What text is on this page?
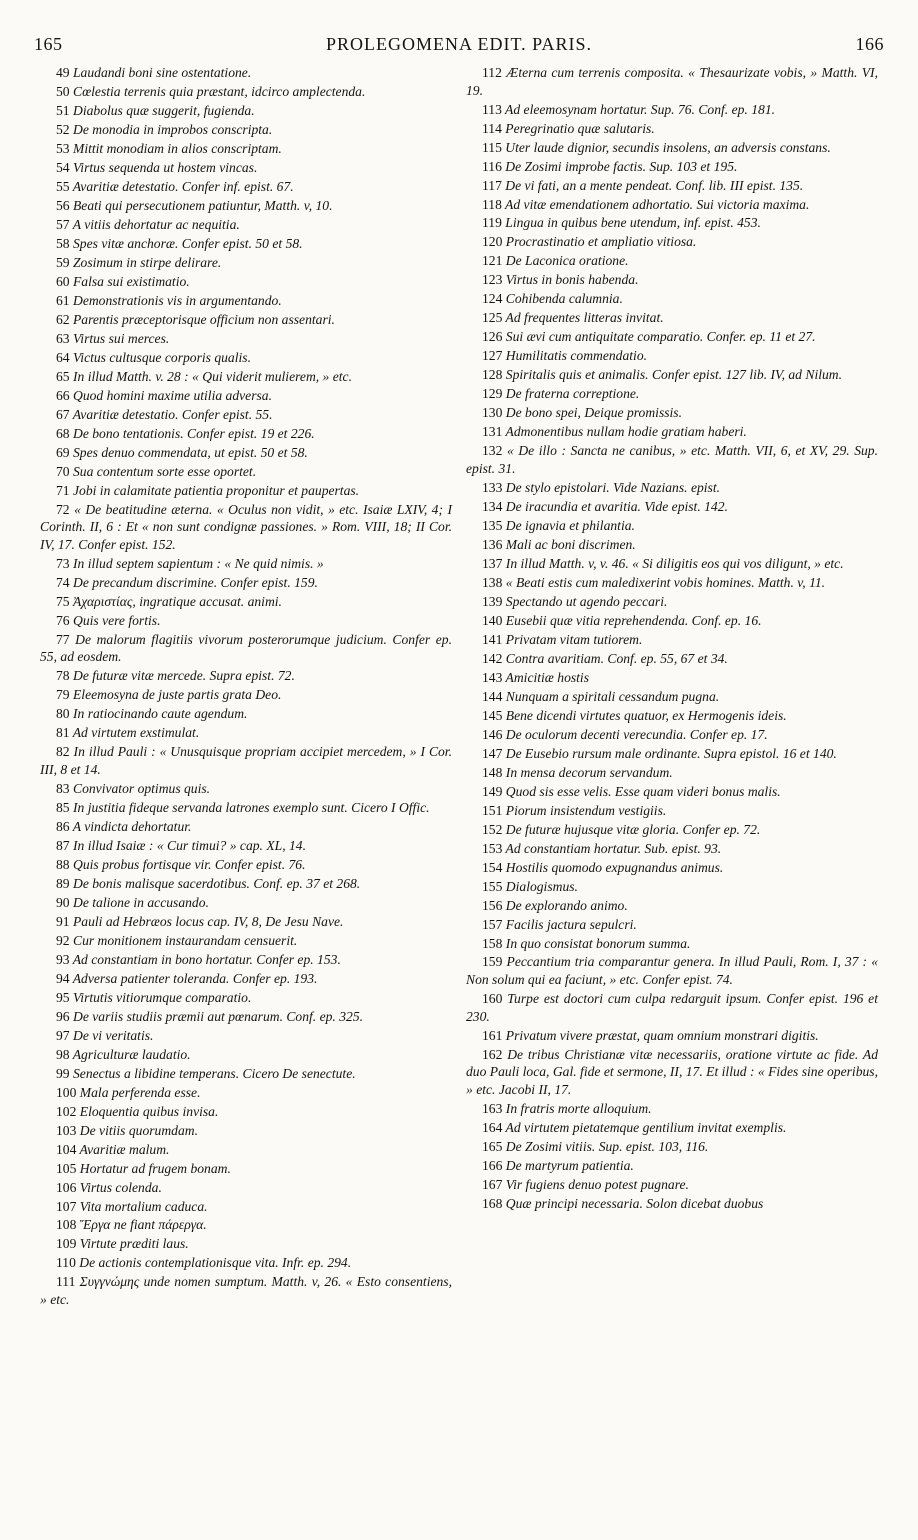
165	PROLEGOMENA EDIT. PARIS.	166

49 Laudandi boni sine ostentatione.

50 Cœlestia terrenis quia præstant, idcirco amplectenda.

51 Diabolus quæ suggerit, fugienda.

52 De monodia in improbos conscripta.

53 Mittit monodiam in alios conscriptam.

54 Virtus sequenda ut hostem vincas.

55 Avaritiæ detestatio. Confer inf. epist. 67.

56 Beati qui persecutionem patiuntur, Matth. v, 10.

57 A vitiis dehortatur ac nequitia.

58 Spes vitæ anchoræ. Confer epist. 50 et 58.

59 Zosimum in stirpe delirare.

60 Falsa sui existimatio.

61 Demonstrationis vis in argumentando.

62 Parentis præceptorisque officium non assentari.

63 Virtus sui merces.

64 Victus cultusque corporis qualis.

65 In illud Matth. v. 28 : « Qui viderit mulierem, » etc.

66 Quod homini maxime utilia adversa.

67 Avaritiæ detestatio. Confer epist. 55.

68 De bono tentationis. Confer epist. 19 et 226.

69 Spes denuo commendata, ut epist. 50 et 58.

70 Sua contentum sorte esse oportet.

71 Jobi in calamitate patientia proponitur et paupertas.

72 « De beatitudine æterna. « Oculus non vidit, » etc. Isaiæ LXIV, 4; I Corinth. II, 6 : Et « non sunt condignæ passiones. » Rom. VIII, 18; II Cor. IV, 17. Confer epist. 152.

73 In illud septem sapientum : « Ne quid nimis. »

74 De precandum discrimine. Confer epist. 159.

75 Ἀχαριστίας, ingratique accusat. animi.

76 Quis vere fortis.

77 De malorum flagitiis vivorum posterorumque judicium. Confer ep. 55, ad eosdem.

78 De futuræ vitæ mercede. Supra epist. 72.

79 Eleemosyna de juste partis grata Deo.

80 In ratiocinando caute agendum.

81 Ad virtutem exstimulat.

82 In illud Pauli : « Unusquisque propriam accipiet mercedem, » I Cor. III, 8 et 14.

83 Convivator optimus quis.

85 In justitia fideque servanda latrones exemplo sunt. Cicero I Offic.

86 A vindicta dehortatur.

87 In illud Isaiæ : « Cur timui? » cap. XL, 14.

88 Quis probus fortisque vir. Confer epist. 76.

89 De bonis malisque sacerdotibus. Conf. ep. 37 et 268.

90 De talione in accusando.

91 Pauli ad Hebræos locus cap. IV, 8, De Jesu Nave.

92 Cur monitionem instaurandam censuerit.

93 Ad constantiam in bono hortatur. Confer ep. 153.

94 Adversa patienter toleranda. Confer ep. 193.

95 Virtutis vitiorumque comparatio.

96 De variis studiis præmii aut pœnarum. Conf. ep. 325.

97 De vi veritatis.

98 Agriculturæ laudatio.

99 Senectus a libidine temperans. Cicero De senectute.

100 Mala perferenda esse.

102 Eloquentia quibus invisa.

103 De vitiis quorumdam.

104 Avaritiæ malum.

105 Hortatur ad frugem bonam.

106 Virtus colenda.

107 Vita mortalium caduca.

108 Ἔργα ne fiant πάρεργα.

109 Virtute præditi laus.

110 De actionis contemplationisque vita. Infr. ep. 294.

111 Συγγνώμης unde nomen sumptum. Matth. v, 26. « Esto consentiens, » etc.

112 Æterna cum terrenis composita. « Thesaurizate vobis, » Matth. VI, 19.

113 Ad eleemosynam hortatur. Sup. 76. Conf. ep. 181.

114 Peregrinatio quæ salutaris.

115 Uter laude dignior, secundis insolens, an adversis constans.

116 De Zosimi improbe factis. Sup. 103 et 195.

117 De vi fati, an a mente pendeat. Conf. lib. III epist. 135.

118 Ad vitæ emendationem adhortatio. Sui victoria maxima.

119 Lingua in quibus bene utendum, inf. epist. 453.

120 Procrastinatio et ampliatio vitiosa.

121 De Laconica oratione.

123 Virtus in bonis habenda.

124 Cohibenda calumnia.

125 Ad frequentes litteras invitat.

126 Sui ævi cum antiquitate comparatio. Confer. ep. 11 et 27.

127 Humilitatis commendatio.

128 Spiritalis quis et animalis. Confer epist. 127 lib. IV, ad Nilum.

129 De fraterna correptione.

130 De bono spei, Deique promissis.

131 Admonentibus nullam hodie gratiam haberi.

132 « De illo : Sancta ne canibus, » etc. Matth. VII, 6, et XV, 29. Sup. epist. 31.

133 De stylo epistolari. Vide Nazians. epist.

134 De iracundia et avaritia. Vide epist. 142.

135 De ignavia et philantia.

136 Mali ac boni discrimen.

137 In illud Matth. v, v. 46. « Si diligitis eos qui vos diligunt, » etc.

138 « Beati estis cum maledixerint vobis homines. Matth. v, 11.

139 Spectando ut agendo peccari.

140 Eusebii quæ vitia reprehendenda. Conf. ep. 16.

141 Privatam vitam tutiorem.

142 Contra avaritiam. Conf. ep. 55, 67 et 34.

143 Amicitiæ hostis

144 Nunquam a spiritali cessandum pugna.

145 Bene dicendi virtutes quatuor, ex Hermogenis ideis.

146 De oculorum decenti verecundia. Confer ep. 17.

147 De Eusebio rursum male ordinante. Supra epistol. 16 et 140.

148 In mensa decorum servandum.

149 Quod sis esse velis. Esse quam videri bonus malis.

151 Piorum insistendum vestigiis.

152 De futuræ hujusque vitæ gloria. Confer ep. 72.

153 Ad constantiam hortatur. Sub. epist. 93.

154 Hostilis quomodo expugnandus animus.

155 Dialogismus.

156 De explorando animo.

157 Facilis jactura sepulcri.

158 In quo consistat bonorum summa.

159 Peccantium tria comparantur genera. In illud Pauli, Rom. I, 37 : « Non solum qui ea faciunt, » etc. Confer epist. 74.

160 Turpe est doctori cum culpa redarguit ipsum. Confer epist. 196 et 230.

161 Privatum vivere præstat, quam omnium monstrari digitis.

162 De tribus Christianæ vitæ necessariis, oratione virtute ac fide. Ad duo Pauli loca, Gal. fide et sermone, II, 17. Et illud : « Fides sine operibus, » etc. Jacobi II, 17.

163 In fratris morte alloquium.

164 Ad virtutem pietatemque gentilium invitat exemplis.

165 De Zosimi vitiis. Sup. epist. 103, 116.

166 De martyrum patientia.

167 Vir fugiens denuo potest pugnare.

168 Quæ principi necessaria. Solon dicebat duobus
